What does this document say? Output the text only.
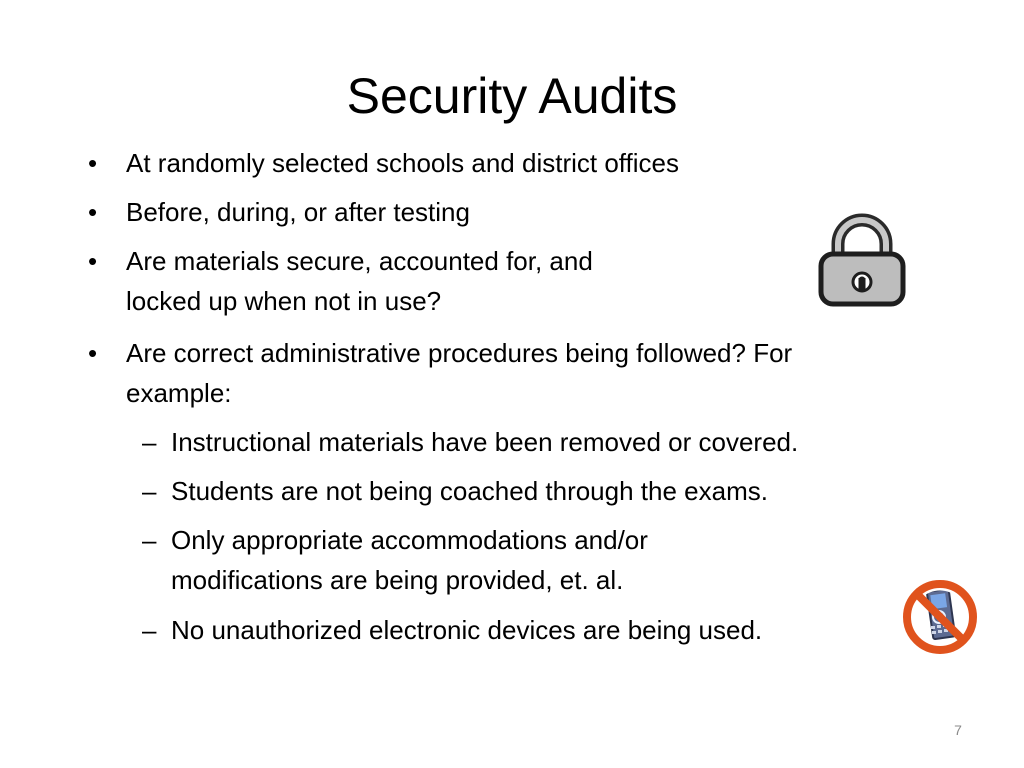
Security Audits
• At randomly selected schools and district offices
• Before, during, or after testing
• Are materials secure, accounted for, and
locked up when not in use?
• Are correct administrative procedures being followed? For
example:
– Instructional materials have been removed or covered.
– Students are not being coached through the exams.
– Only appropriate accommodations and/or
modifications are being provided, et. al.
– No unauthorized electronic devices are being used.
7
